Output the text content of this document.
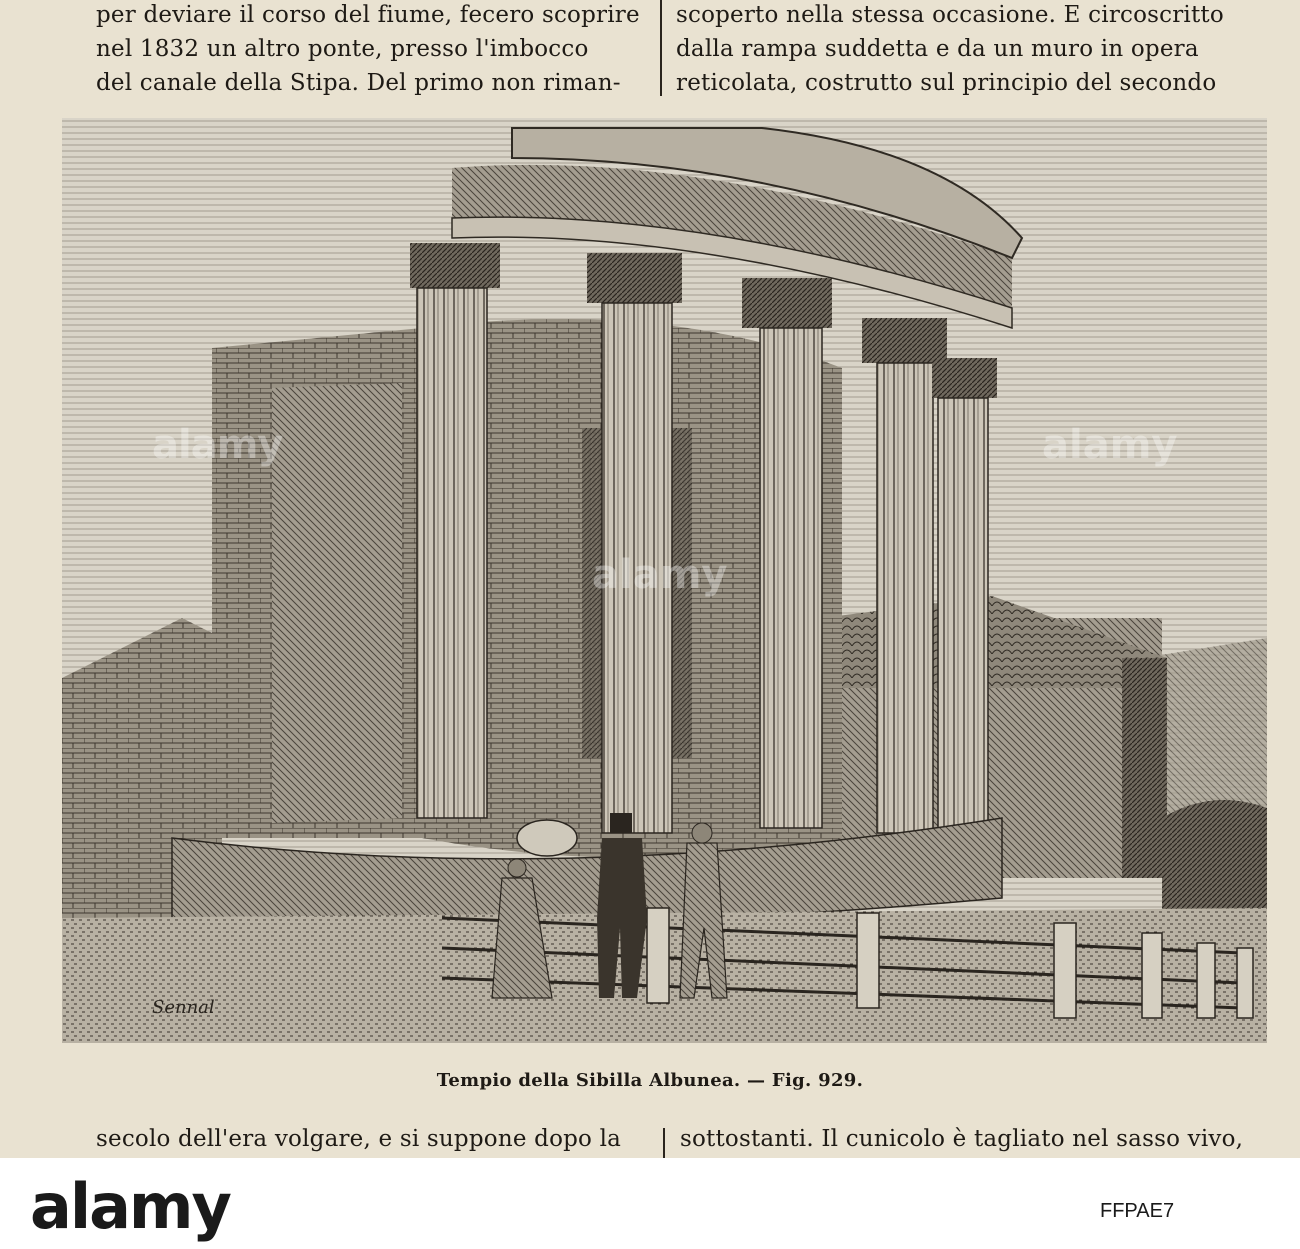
per deviare il corso del fiume, fecero scoprire
nel 1832 un altro ponte, presso l'imbocco
del canale della Stipa. Del primo non riman-
scoperto nella stessa occasione. E circoscritto
dalla rampa suddetta e da un muro in opera
reticolata, costrutto sul principio del secondo
Sennal
alamy
alamy
alamy
Tempio della Sibilla Albunea. — Fig. 929.
secolo dell'era volgare, e si suppone dopo la	sottostanti. Il cunicolo è tagliato nel sasso vivo,
alamy	FFPAE7
